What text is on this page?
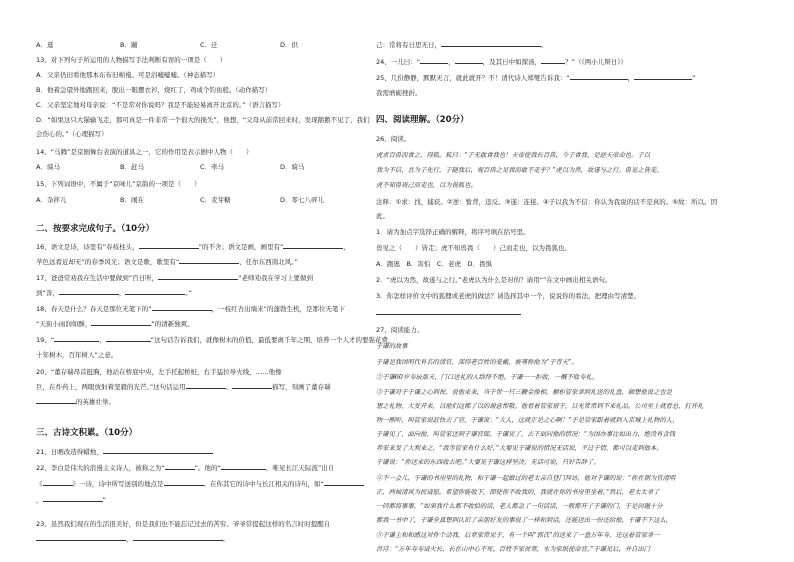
A．逛	B．蹦	C．迁	D．供
13、对下列句子所运用的人物描写手法判断有误的一项是（　　）
A．父亲仍旧看他那本东布旧棉袍。可是浴嘘嘘嘘。（神态描写）
B．他着急望外地跑回来，脱出一眼摆衣衫，烧红了，鸡成个钓鱼般。（动作描写）
C．父亲坚定地对母亲说：“不是常对你说吗？我是不能轻易离开北京的。”（语言描写）
D．“如果这只大锚输飞走，那可真是一件非常一个很大的损失”，他想，“父母从前常回来时，发现鹅鹅不见了，我们
会伤心的。”（心理描写）
14、“马腾”是京剧舞台表演的道具之一，它的作用是表示剧中人物（　　）
A．骑马	B．赶马	C．牵马	D．骑马
15、下列词语中，不属于“京味儿”京韵的一项是（　　）
A．杂拌儿	B．闹在	C．麦芽糖	D．零七八碎儿
二、按要求完成句子。（10分）
16、语文是诗，诗里有“春枝柱头，	”的不舍；语文是画，画里有“	，
苹色远看近却无”的春季风光；语文是歌，歌里有“	，任尔东西南北风。”
17、爸爸常劝我在生活中要做到“百日听，	”老师劝我在学习上要做到
到“善，	，	。”
18、春天是什么？春天是那位无笔下的“	，一枝红杏出墙来”的蓬勃生机，是那位无笔下
“天街小雨润如酥，	”的清新独爽。
19、“	，	”这句话告诉我们，就像树木的价值，最低要离千年之期，培养一个人才的要强花费，
十年树木，百年树人”之意。
20、“董存瑞昂首挺胸，他站在桥底中央，左手托起桥桩，右手猛拉导火线，……他像
巨，在炸药上，两眼放射着坚毅的光芒。”这句话运用	、	描写，刻画了董存瑞
的英雄壮举。
三、古诗文积累。（10分）
21、日晒改造得蜡烛，
22、李白是伟大的浪漫主义诗人，被称之为“	”。他的“	，唯见长江天际流”出自
《	》一诗，诗中所写送别的地点是	。在你其它的诗中与长江相关的诗句，如“
，	”
23、虽然我们现在的生活很美好，但是我们也不能忘记过去的苦穷。爷爷常提起这样的名言时时提醒自
，	。
己：常将有日思无日，	。
24、一儿曰：“	，	，及其日中如探汤，	？”（《两小儿辩日》）
25、几份静静，默默无言，就此就开？不！清代诗人郑燮告诉我：“	，	”
我需磨砺挫折。
四、阅读理解。（20分）
26、阅读。
虎求百兽而食之，得狐。狐曰：“子无敢食我也！天帝使我长百兽，今子食我，是逆天帝命也。子以
我为不信，吾为子先行，子随我后，观百兽之见我而敢不走乎？”虎以为然，故遂与之行。兽见之皆走。
虎不知兽畏己而走也，以为畏狐也。
注释：①求：找，捕获。②逆：暂背，违反。③遂：连接。④子以我为不信：你认为我说的话不是真的。⑤故：所以。因
此。
1．请为加点字选择正确的解释，将序号填在括号里。
兽见之（　　）皆走；虎不知兽畏（　　）己而走也，以为畏狐也。
A．跑逃　B．害怕　C．老虎　D．畏惧
2．“虎以为然，故遂与之行。”老虎认为什么是对的？请用“”在文中画出相关语句。
3．你怎样评价文中的狐狸或老虎的做法？请选择其中一个，说说你的看法，把理由写清楚。
27、阅读能力。
于谦的故事
于谦是我国明代有名的清官，深得老百姓的爱戴，被尊称他为“于青天”。
②于谦60岁寿辰那天，门口送礼的人络绎不绝。于谦一一拒收，一概不收寿礼。
③于谦对于于谦之心到祝，说他来来，当于世一只三鞭金像相。橱柜管家拿到礼送的礼盒，颇想他说之也是
想之礼物，大发开来，以他们这都了以的谢意帮敬。他看着管家留于，目光常常到不来礼品。公司至上就看总，打开礼
物一刚听，叫管家说赶快去了官，于谦说：“大人，这就正是之心啊！”于是管家跟着就到入京城上礼物的人，
于谦见了，面向他，叫管家送到于谦官邸。于谦见了，去下面问他的情况：“为国办事比如出力，绝没有贪钱
养家来发了大利来之，“我等管家有什么好，”大要见于谦说的情况无话说，不过于情，都可以走到他本。
于谦说：“你送来的东西收去吧。”大要见于谦这样坚决，无话可说，只好告辞了。
④不一会儿，于谦的书房里的礼物，和于谦一起做过的老太亲自登门拜访，他对于谦的说：“你在朝为官清明
正，两袖清风为民请愿。希望你能收下，即使你不收我的，我就在你的书房里坐着。”然后，老太太拿了
一回都将事事，“如果我什么都不收拾的话，老人都急了一句话话，一般都开了于谦的门，于是问题十分
都我一书中了，于谦全真想到认识了亲朋好友的事说了一样和到话，还能送出一份还给他，于谦不下这么，
⑤于谦主和和感这对件个动我，后辈家常见于，有一个叫“郭氏”的送来了一盒万年寿，还这着管家拿一
首诗：“万年寿寿请火长，长在山中心不死。百姓不家贫寒，水为家纸使命官。”于谦见后，并自出门
